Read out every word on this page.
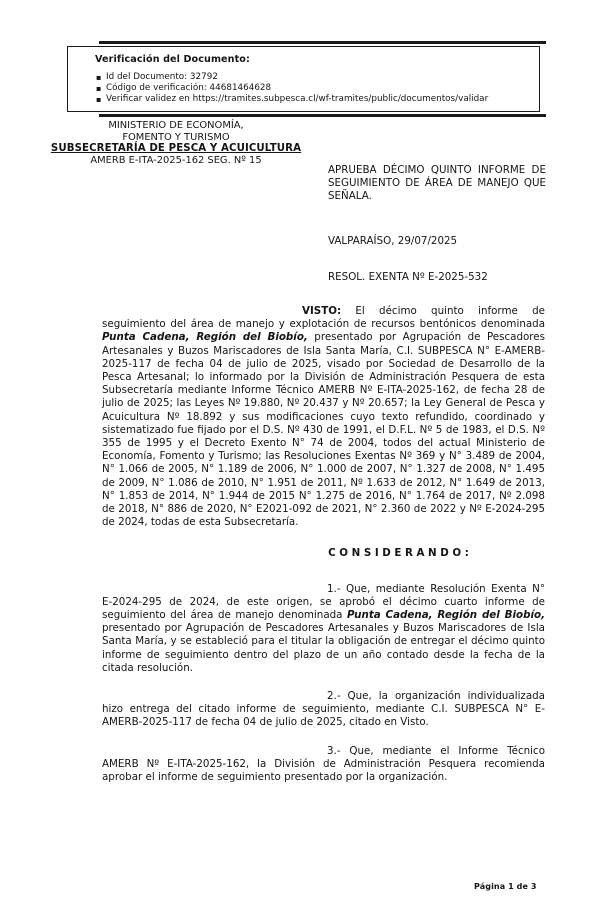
Verificación del Documento:
▪ Id del Documento: 32792
▪ Código de verificación: 44681464628
▪ Verificar validez en https://tramites.subpesca.cl/wf-tramites/public/documentos/validar
MINISTERIO DE ECONOMÍA,
FOMENTO Y TURISMO
SUBSECRETARÍA DE PESCA Y ACUICULTURA
AMERB E-ITA-2025-162 SEG. Nº 15

APRUEBA DÉCIMO QUINTO INFORME DE SEGUIMIENTO DE ÁREA DE MANEJO QUE SEÑALA.

VALPARAÍSO, 29/07/2025

RESOL. EXENTA Nº E-2025-532

VISTO: El décimo quinto informe de seguimiento del área de manejo y explotación de recursos bentónicos denominada Punta Cadena, Región del Biobío, presentado por Agrupación de Pescadores Artesanales y Buzos Mariscadores de Isla Santa María, C.I. SUBPESCA N° E-AMERB-2025-117 de fecha 04 de julio de 2025, visado por Sociedad de Desarrollo de la Pesca Artesanal; lo informado por la División de Administración Pesquera de esta Subsecretaría mediante Informe Técnico AMERB Nº E-ITA-2025-162, de fecha 28 de julio de 2025; las Leyes Nº 19.880, Nº 20.437 y Nº 20.657; la Ley General de Pesca y Acuicultura Nº 18.892 y sus modificaciones cuyo texto refundido, coordinado y sistematizado fue fijado por el D.S. Nº 430 de 1991, el D.F.L. Nº 5 de 1983, el D.S. Nº 355 de 1995 y el Decreto Exento N° 74 de 2004, todos del actual Ministerio de Economía, Fomento y Turismo; las Resoluciones Exentas Nº 369 y N° 3.489 de 2004, N° 1.066 de 2005, N° 1.189 de 2006, N° 1.000 de 2007, N° 1.327 de 2008, N° 1.495 de 2009, N° 1.086 de 2010, N° 1.951 de 2011, Nº 1.633 de 2012, N° 1.649 de 2013, N° 1.853 de 2014, N° 1.944 de 2015 N° 1.275 de 2016, N° 1.764 de 2017, Nº 2.098 de 2018, N° 886 de 2020, N° E2021-092 de 2021, N° 2.360 de 2022 y Nº E-2024-295 de 2024, todas de esta Subsecretaría.

C O N S I D E R A N D O :

1.- Que, mediante Resolución Exenta N° E-2024-295 de 2024, de este origen, se aprobó el décimo cuarto informe de seguimiento del área de manejo denominada Punta Cadena, Región del Biobío, presentado por Agrupación de Pescadores Artesanales y Buzos Mariscadores de Isla Santa María, y se estableció para el titular la obligación de entregar el décimo quinto informe de seguimiento dentro del plazo de un año contado desde la fecha de la citada resolución.

2.- Que, la organización individualizada hizo entrega del citado informe de seguimiento, mediante C.I. SUBPESCA N° E-AMERB-2025-117 de fecha 04 de julio de 2025, citado en Visto.

3.- Que, mediante el Informe Técnico AMERB Nº E-ITA-2025-162, la División de Administración Pesquera recomienda aprobar el informe de seguimiento presentado por la organización.

Página 1 de 3
